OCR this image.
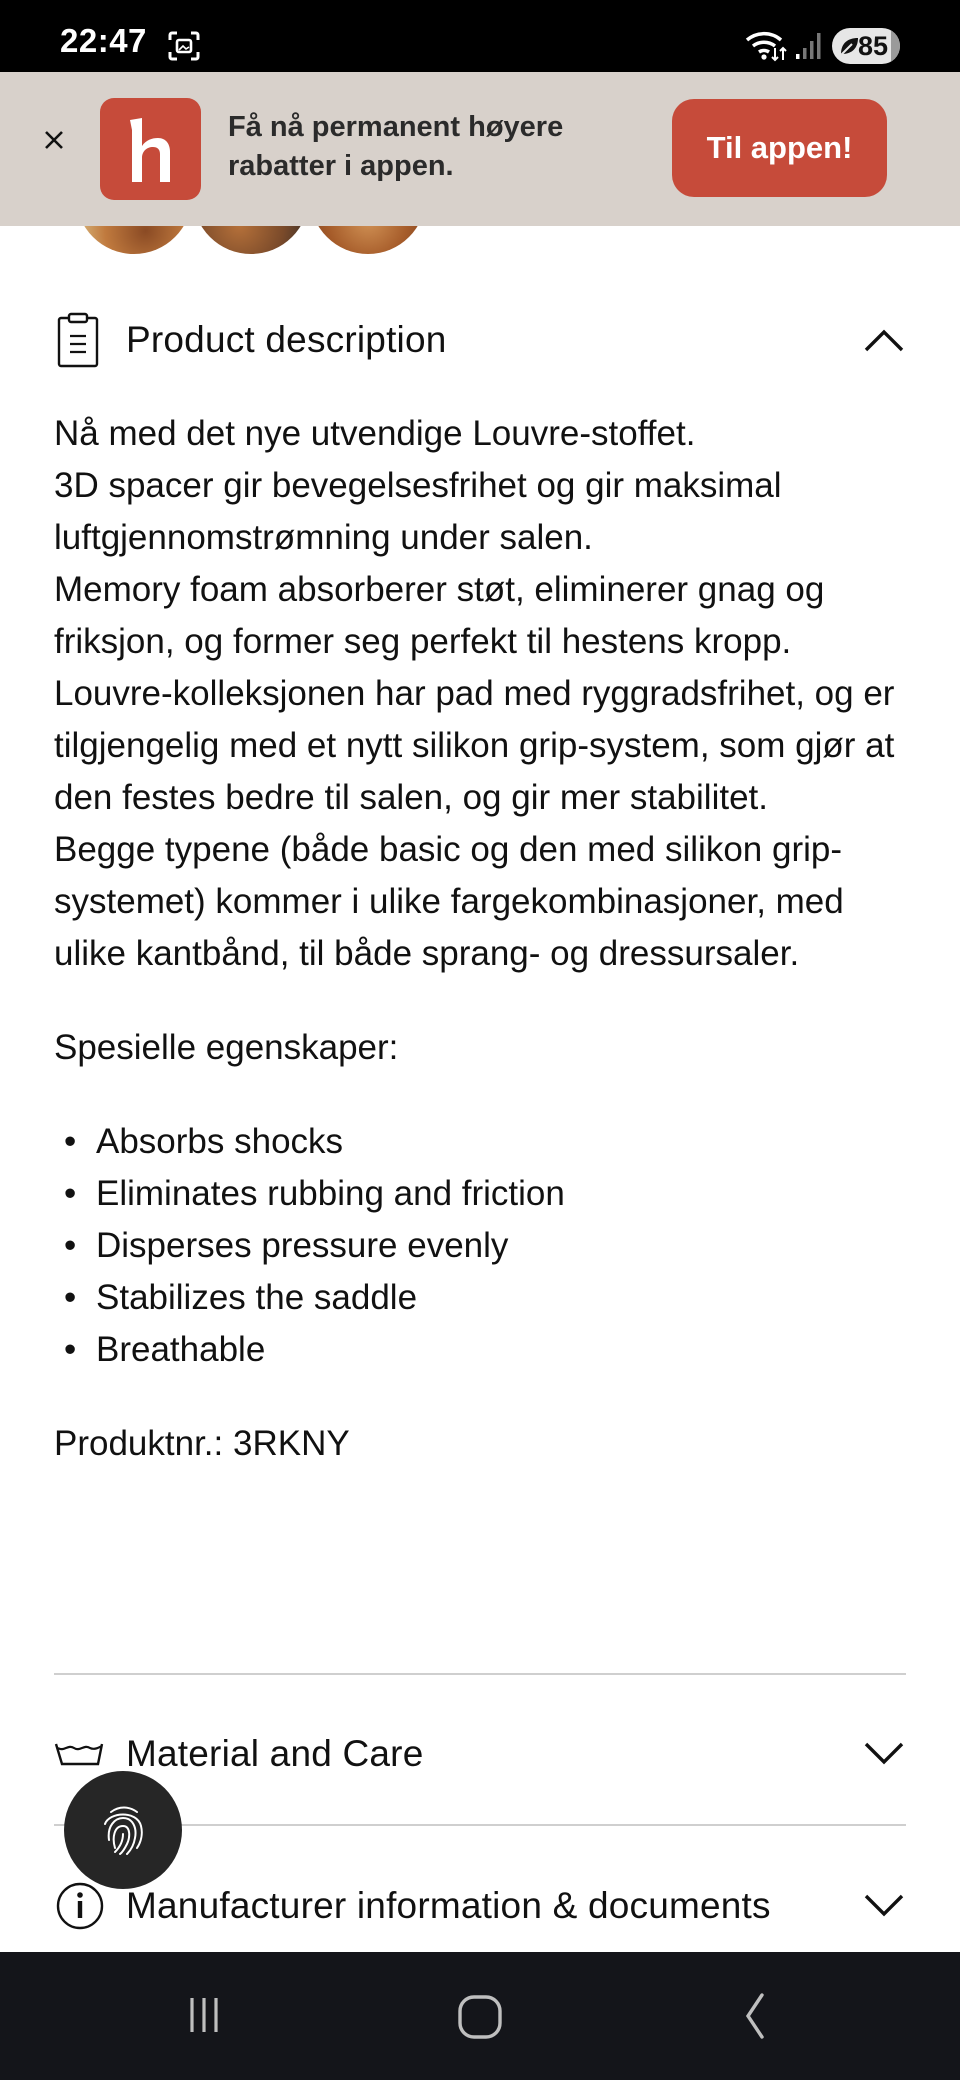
22:47	85
Få nå permanent høyere rabatter i appen.
Til appen!
Product description

Nå med det nye utvendige Louvre-stoffet.

3D spacer gir bevegelsesfrihet og gir maksimal luftgjennomstrømning under salen.

Memory foam absorberer støt, eliminerer gnag og friksjon, og former seg perfekt til hestens kropp.

Louvre-kolleksjonen har pad med ryggradsfrihet, og er tilgjengelig med et nytt silikon grip-system, som gjør at den festes bedre til salen, og gir mer stabilitet.

Begge typene (både basic og den med silikon grip-systemet) kommer i ulike fargekombinasjoner, med ulike kantbånd, til både sprang- og dressursaler.

Spesielle egenskaper:

• Absorbs shocks
• Eliminates rubbing and friction
• Disperses pressure evenly
• Stabilizes the saddle
• Breathable

Produktnr.: 3RKNY

Material and Care
Manufacturer information & documents
